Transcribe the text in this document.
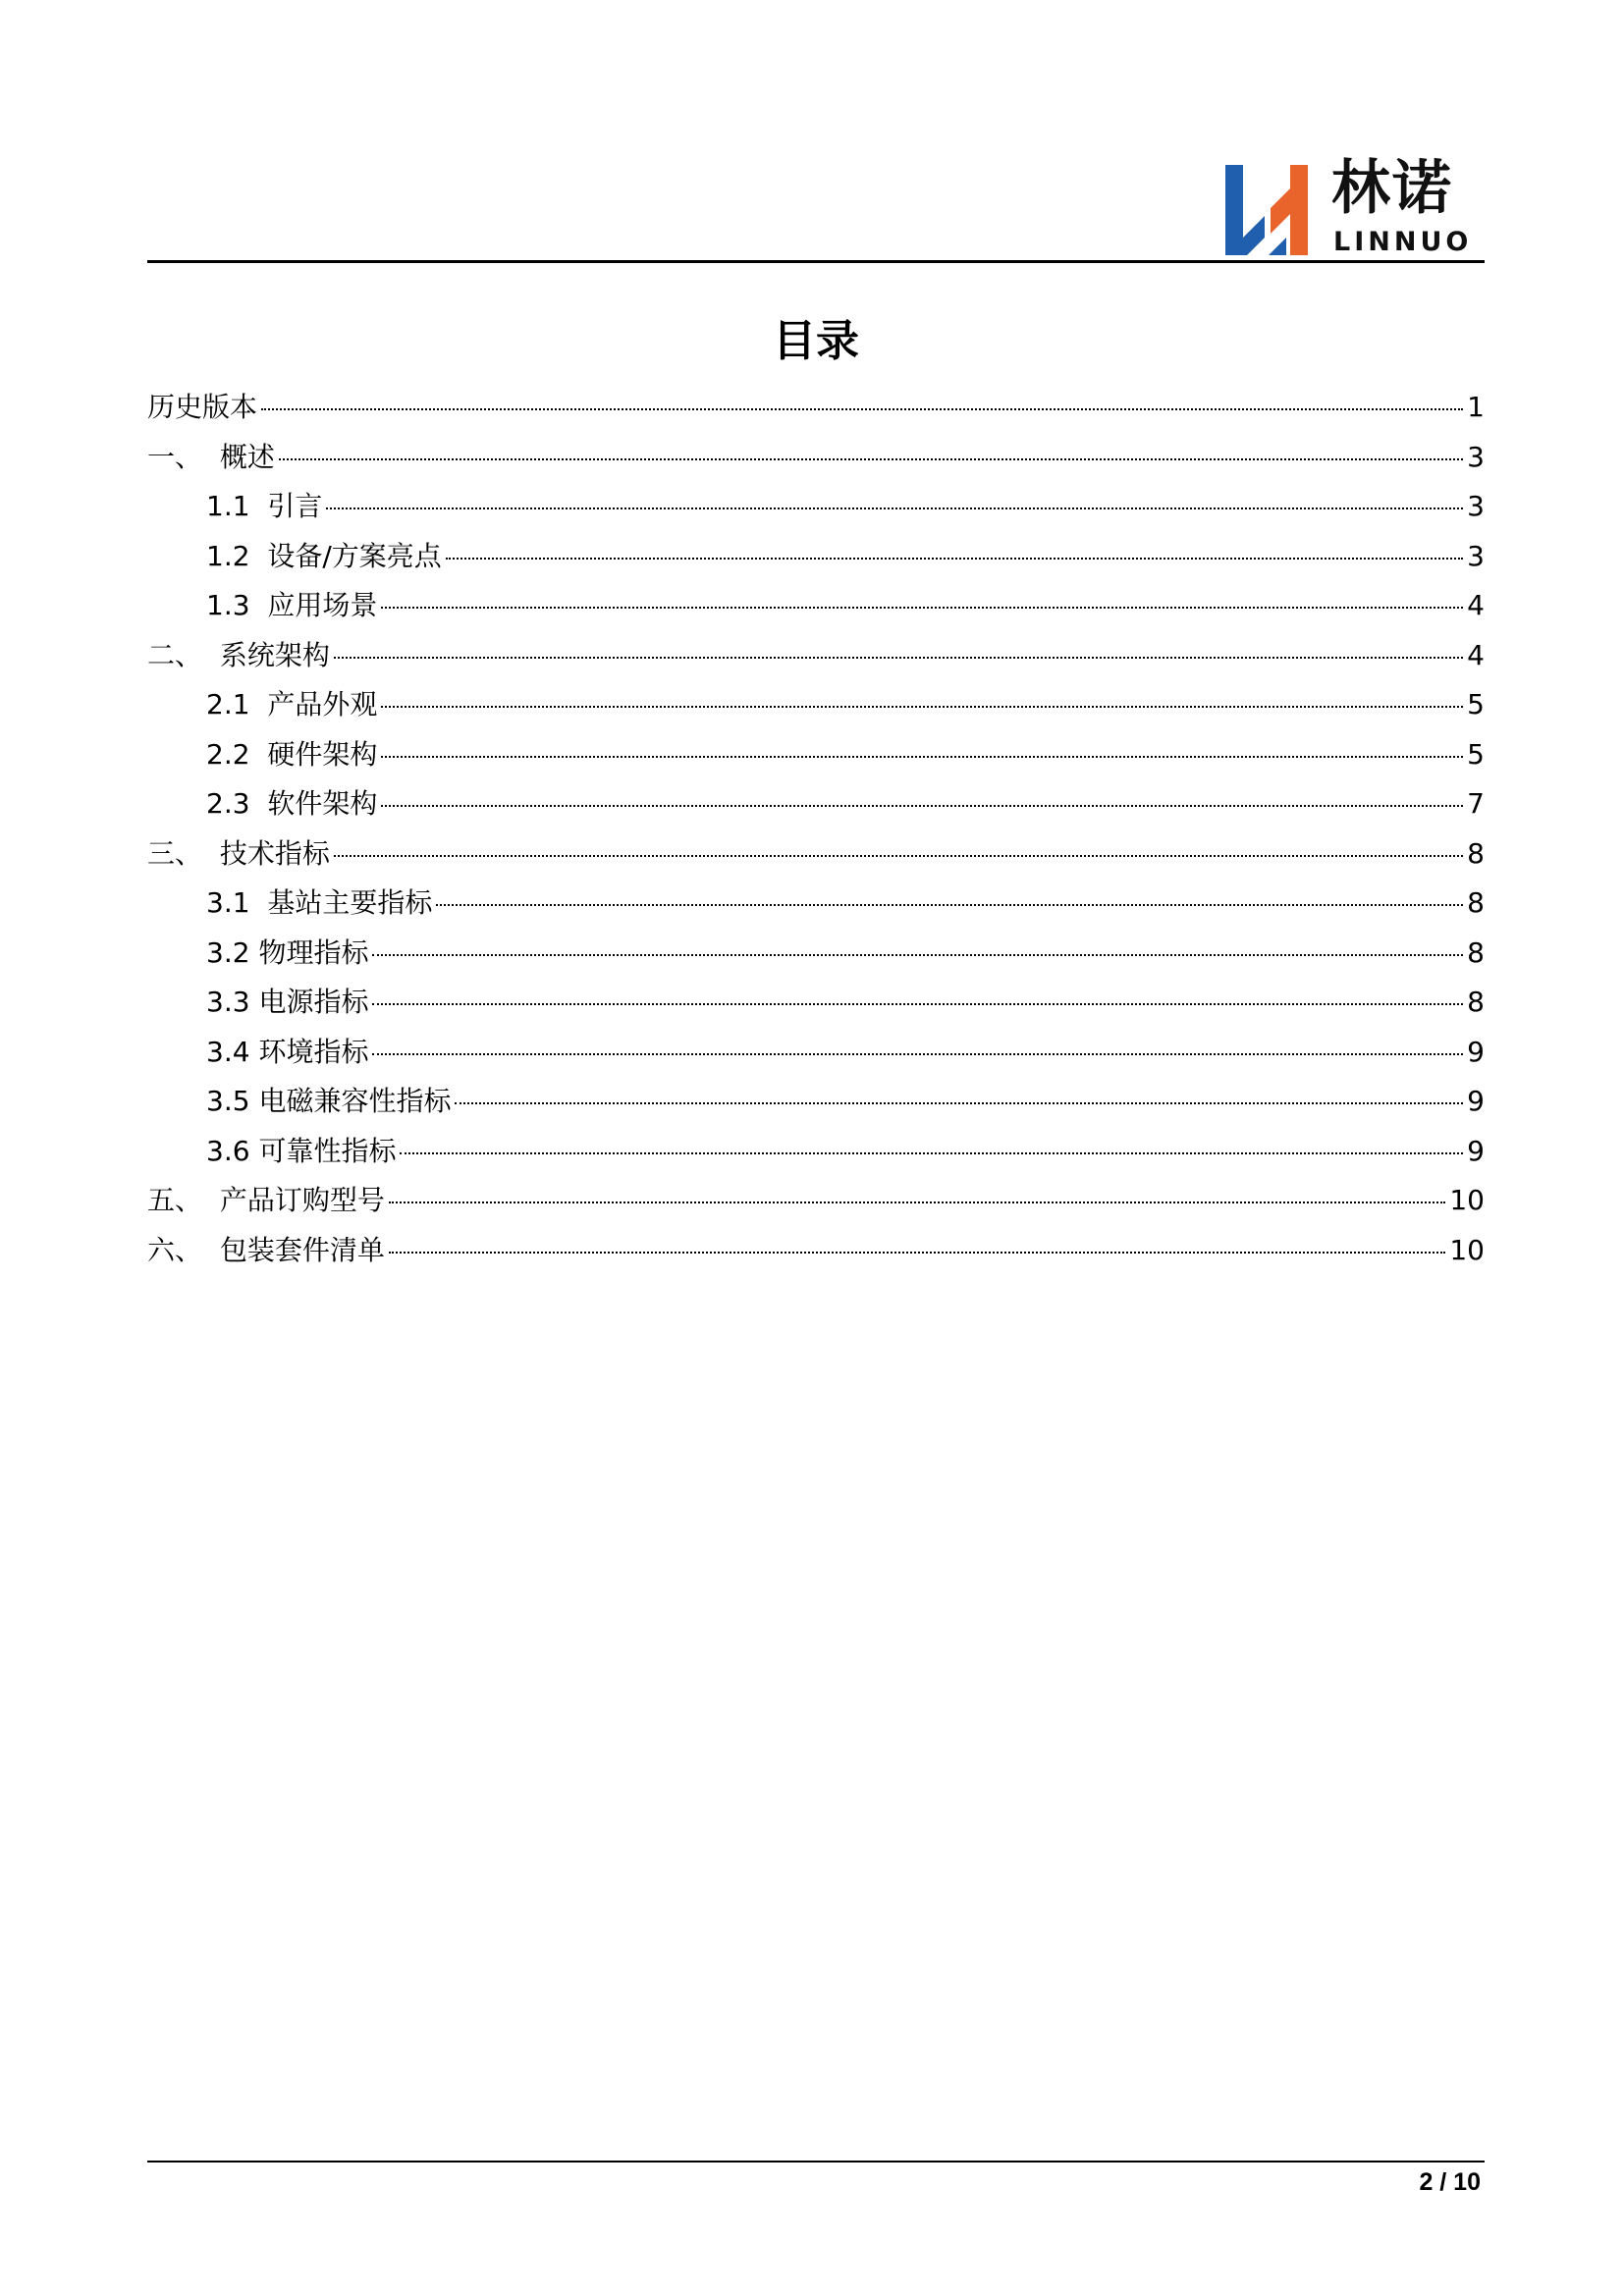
林诺
LINNUO
目录
历史版本	1
一、 概述	3
1.1 引言	3
1.2 设备/方案亮点	3
1.3 应用场景	4
二、 系统架构	4
2.1 产品外观	5
2.2 硬件架构	5
2.3 软件架构	7
三、 技术指标	8
3.1 基站主要指标	8
3.2 物理指标	8
3.3 电源指标	8
3.4 环境指标	9
3.5 电磁兼容性指标	9
3.6 可靠性指标	9
五、 产品订购型号	10
六、 包装套件清单	10
2 / 10
